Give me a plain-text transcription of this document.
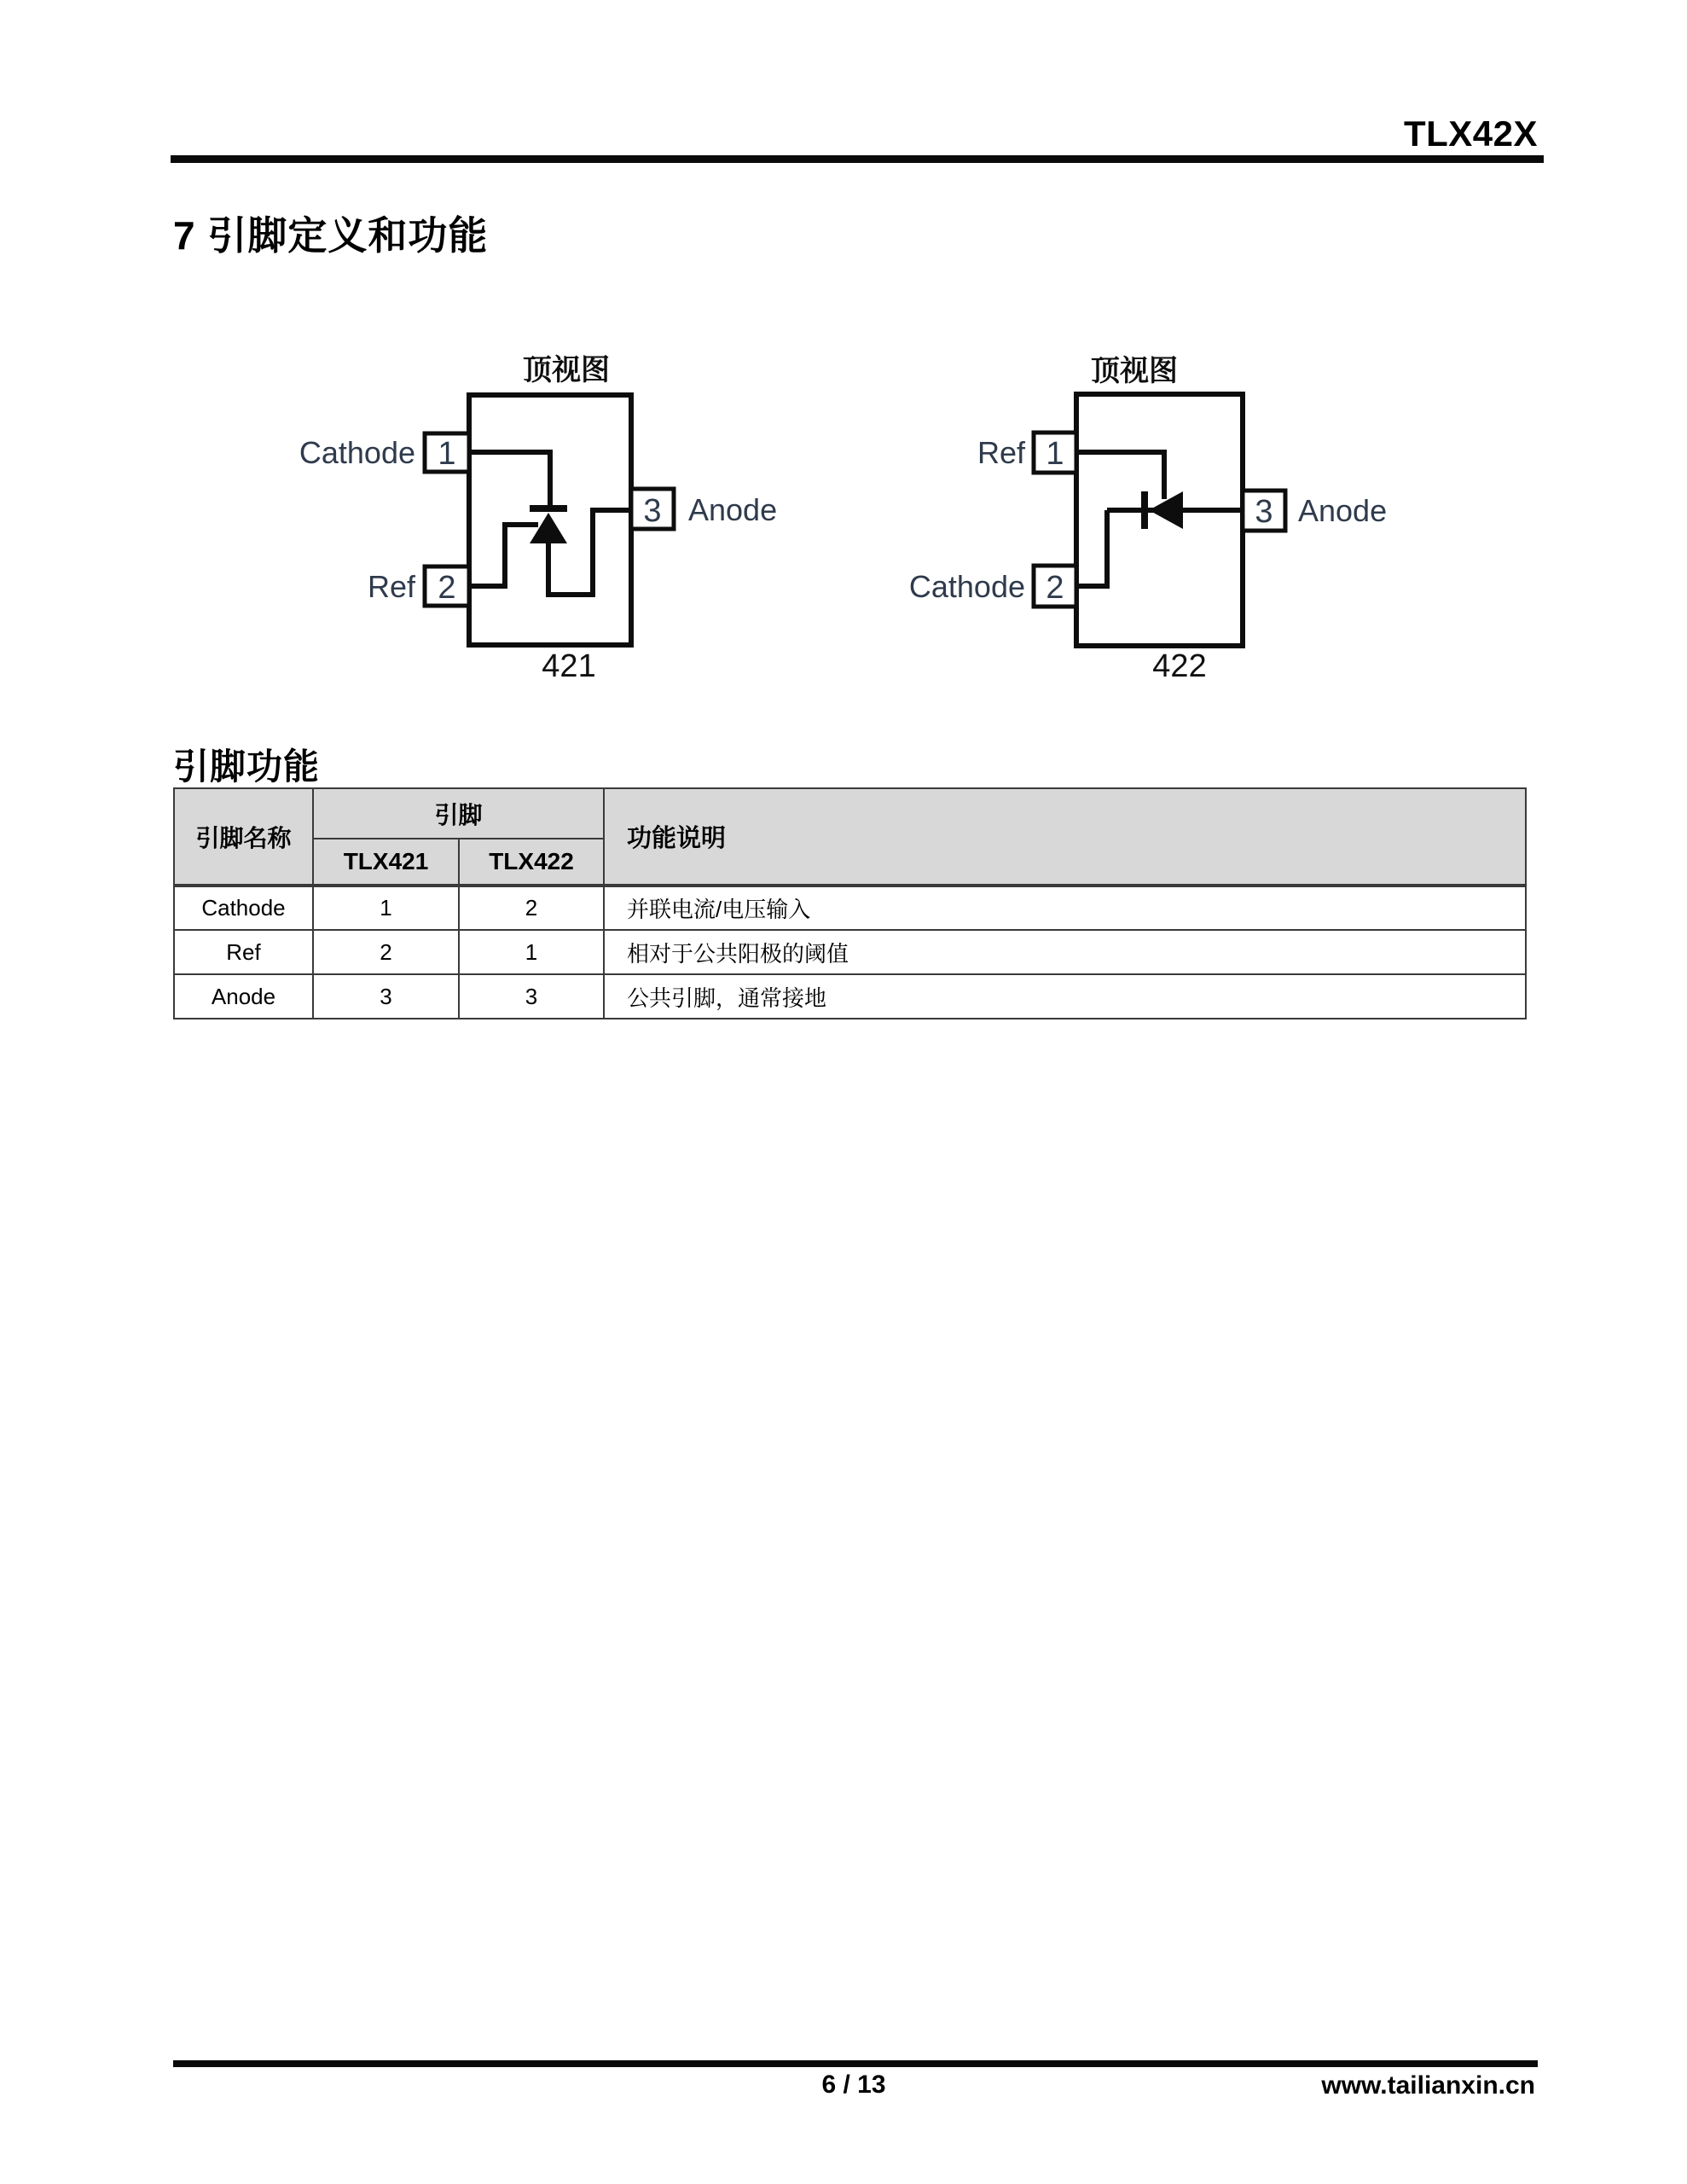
TLX42X
7 引脚定义和功能
顶视图
1
2
3
Cathode
Ref
Anode
421
顶视图
1
2
3
Ref
Cathode
Anode
422
引脚功能
引脚名称	引脚		功能说明
	TLX421	TLX422	
Cathode	1	2	并联电流/电压输入
Ref	2	1	相对于公共阳极的阈值
Anode	3	3	公共引脚，通常接地
6 / 13	www.tailianxin.cn
